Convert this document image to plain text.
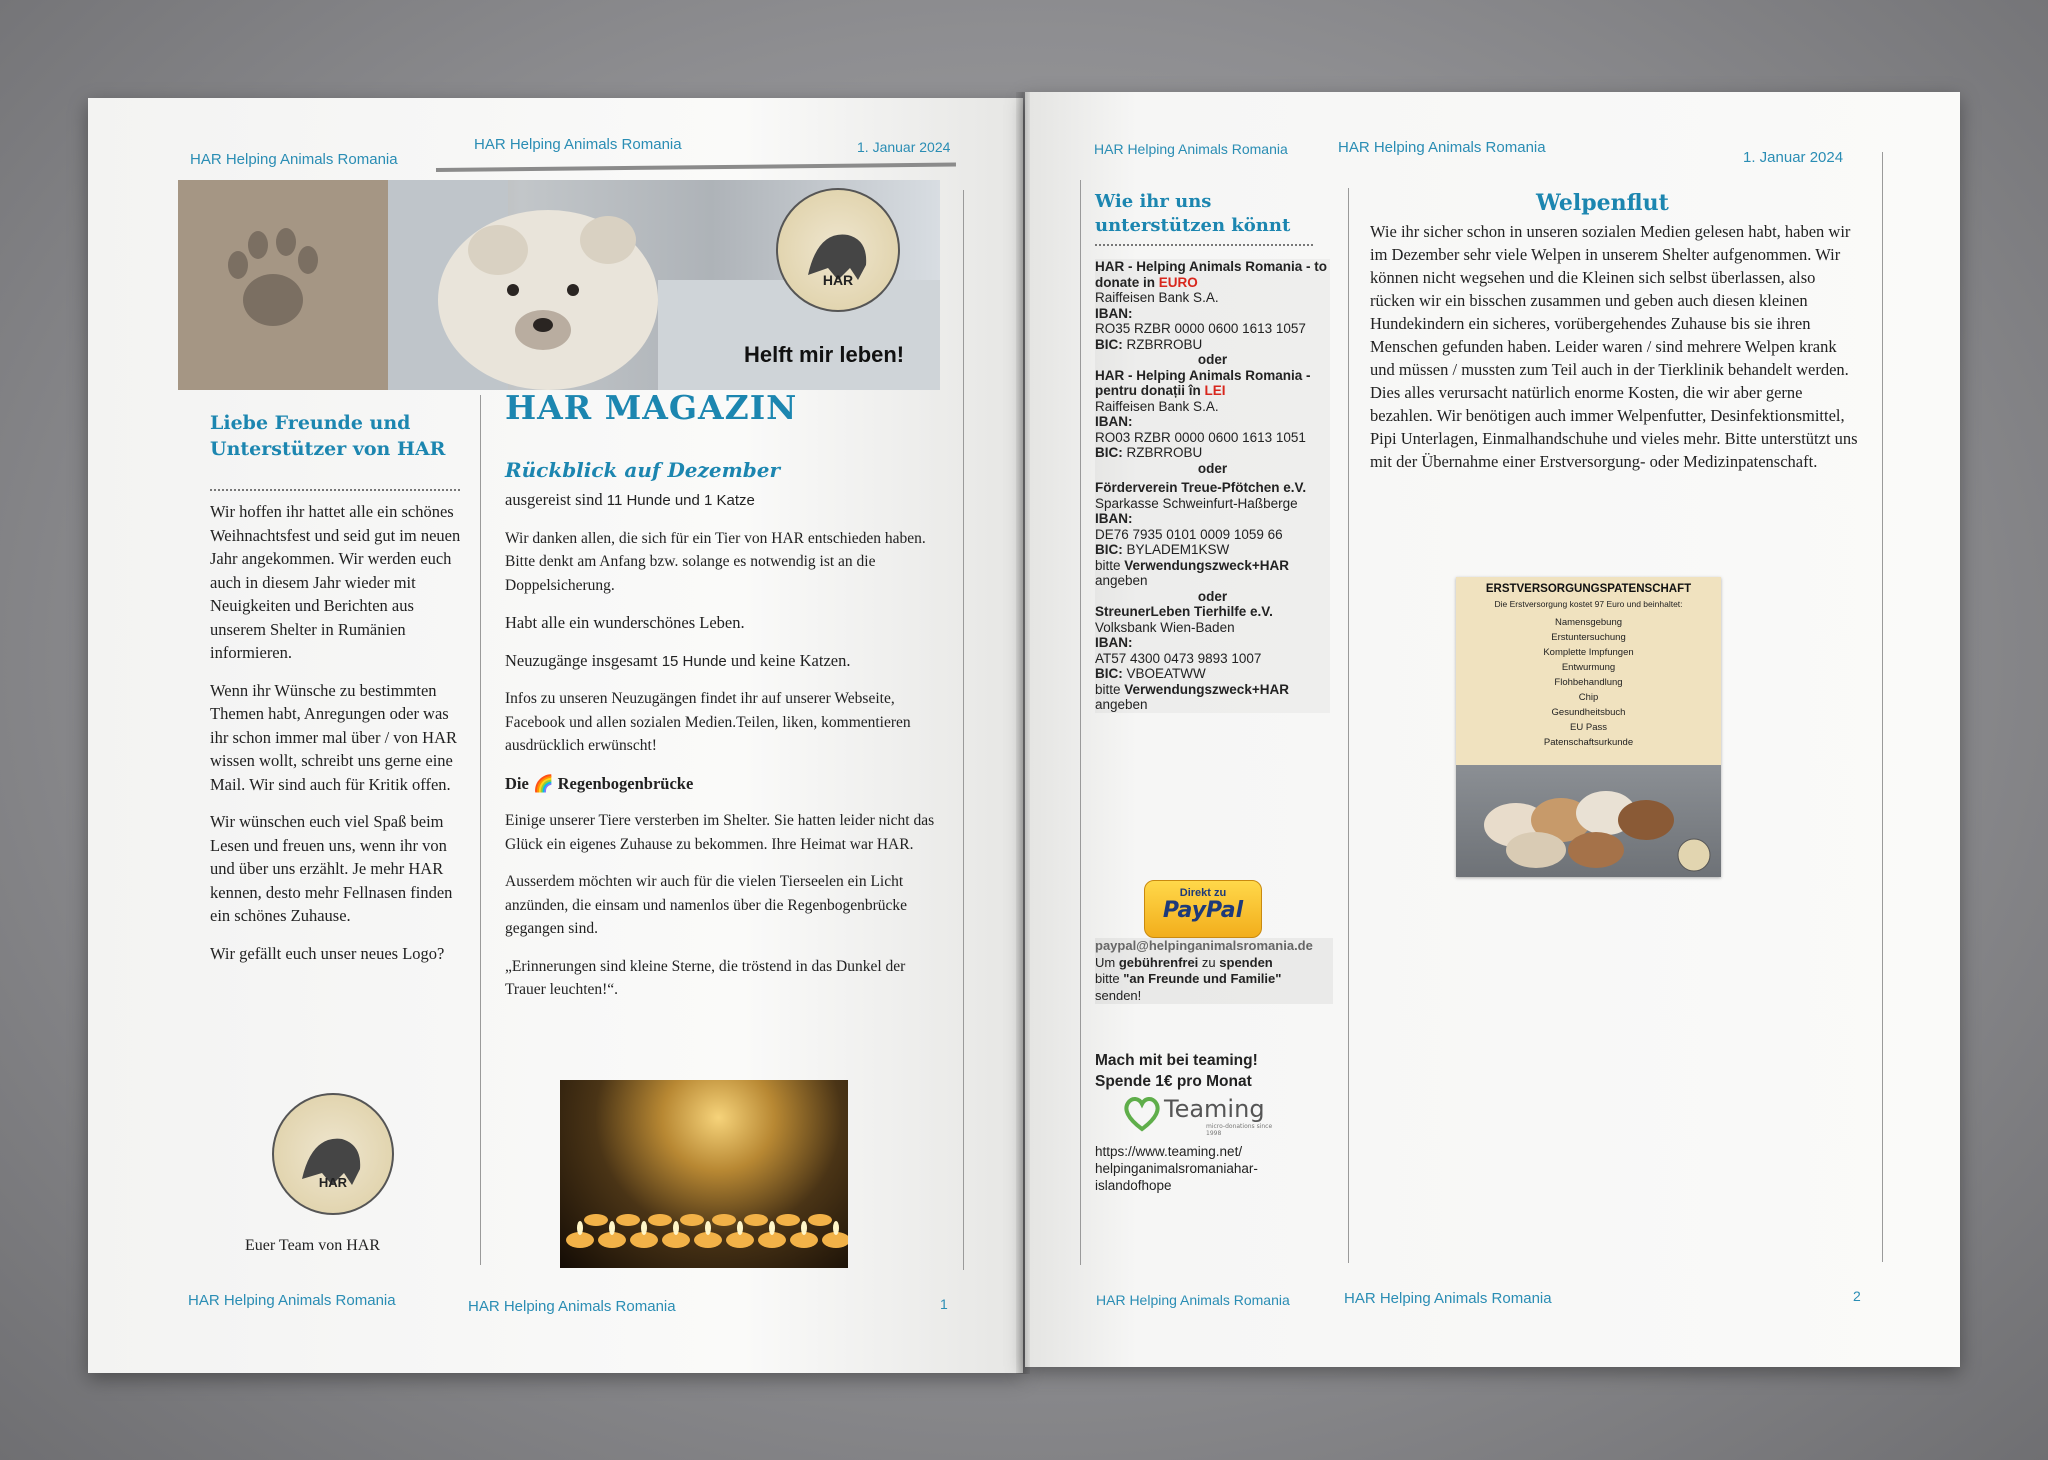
HAR Helping Animals Romania
HAR Helping Animals Romania	1. Januar 2024
HAR
Helft mir leben!
Liebe Freunde und Unterstützer von HAR

Wir hoffen ihr hattet alle ein schönes Weihnachtsfest und seid gut im neuen Jahr angekommen. Wir werden euch auch in diesem Jahr wieder mit Neuigkeiten und Berichten aus unserem Shelter in Rumänien informieren.

Wenn ihr Wünsche zu bestimmten Themen habt, Anregungen oder was ihr schon immer mal über / von HAR wissen wollt, schreibt uns gerne eine Mail. Wir sind auch für Kritik offen.

Wir wünschen euch viel Spaß beim Lesen und freuen uns, wenn ihr von und über uns erzählt. Je mehr HAR kennen, desto mehr Fellnasen finden ein schönes Zuhause.

Wir gefällt euch unser neues Logo?

HAR
Euer Team von HAR
HAR MAGAZIN
Rückblick auf Dezember

ausgereist sind 11 Hunde und 1 Katze

Wir danken allen, die sich für ein Tier von HAR entschieden haben. Bitte denkt am Anfang bzw. solange es notwendig ist an die Doppelsicherung.

Habt alle ein wunderschönes Leben.

Neuzugänge insgesamt 15 Hunde und keine Katzen.

Infos zu unseren Neuzugängen findet ihr auf unserer Webseite, Facebook und allen sozialen Medien.Teilen, liken, kommentieren ausdrücklich erwünscht!

Die 🌈 Regenbogenbrücke

Einige unserer Tiere versterben im Shelter. Sie hatten leider nicht das Glück ein eigenes Zuhause zu bekommen. Ihre Heimat war HAR.

Ausserdem möchten wir auch für die vielen Tierseelen ein Licht anzünden, die einsam und namenlos über die Regenbogenbrücke gegangen sind.

„Erinnerungen sind kleine Sterne, die tröstend in das Dunkel der Trauer leuchten!“.

HAR Helping Animals Romania	HAR Helping Animals Romania	1
HAR Helping Animals Romania	HAR Helping Animals Romania
1. Januar 2024
Wie ihr uns unterstützen könnt
HAR - Helping Animals Romania - to donate in EURO
Raiffeisen Bank S.A.
IBAN:
RO35 RZBR 0000 0600 1613 1057
BIC: RZBRROBU
oder
HAR - Helping Animals Romania - pentru donații în LEI
Raiffeisen Bank S.A.
IBAN:
RO03 RZBR 0000 0600 1613 1051
BIC: RZBRROBU
oder
Förderverein Treue-Pfötchen e.V.
Sparkasse Schweinfurt-Haßberge
IBAN:
DE76 7935 0101 0009 1059 66
BIC: BYLADEM1KSW
bitte Verwendungszweck+HAR
angeben
oder
StreunerLeben Tierhilfe e.V.
Volksbank Wien-Baden
IBAN:
AT57 4300 0473 9893 1007
BIC: VBOEATWW
bitte Verwendungszweck+HAR
angeben
Direkt zu
PayPal
paypal@helpinganimalsromania.de
Um gebührenfrei zu spenden
bitte "an Freunde und Familie"
senden!
Mach mit bei teaming!
Spende 1€ pro Monat
Teaming
micro-donations since 1998
https://www.teaming.net/ helpinganimalsromaniahar-islandofhope
Welpenflut
Wie ihr sicher schon in unseren sozialen Medien gelesen habt, haben wir im Dezember sehr viele Welpen in unserem Shelter aufgenommen. Wir können nicht wegsehen und die Kleinen sich selbst überlassen, also rücken wir ein bisschen zusammen und geben auch diesen kleinen Hundekindern ein sicheres, vorübergehendes Zuhause bis sie ihren Menschen gefunden haben. Leider waren / sind mehrere Welpen krank und müssen / mussten zum Teil auch in der Tierklinik behandelt werden. Dies alles verursacht natürlich enorme Kosten, die wir aber gerne bezahlen. Wir benötigen auch immer Welpenfutter, Desinfektionsmittel, Pipi Unterlagen, Einmalhandschuhe und vieles mehr. Bitte unterstützt uns mit der Übernahme einer Erstversorgung- oder Medizinpatenschaft.
ERSTVERSORGUNGSPATENSCHAFT
Die Erstversorgung kostet 97 Euro und beinhaltet:
Namensgebung
Erstuntersuchung
Komplette Impfungen
Entwurmung
Flohbehandlung
Chip
Gesundheitsbuch
EU Pass
Patenschaftsurkunde
HAR Helping Animals Romania	HAR Helping Animals Romania	2
